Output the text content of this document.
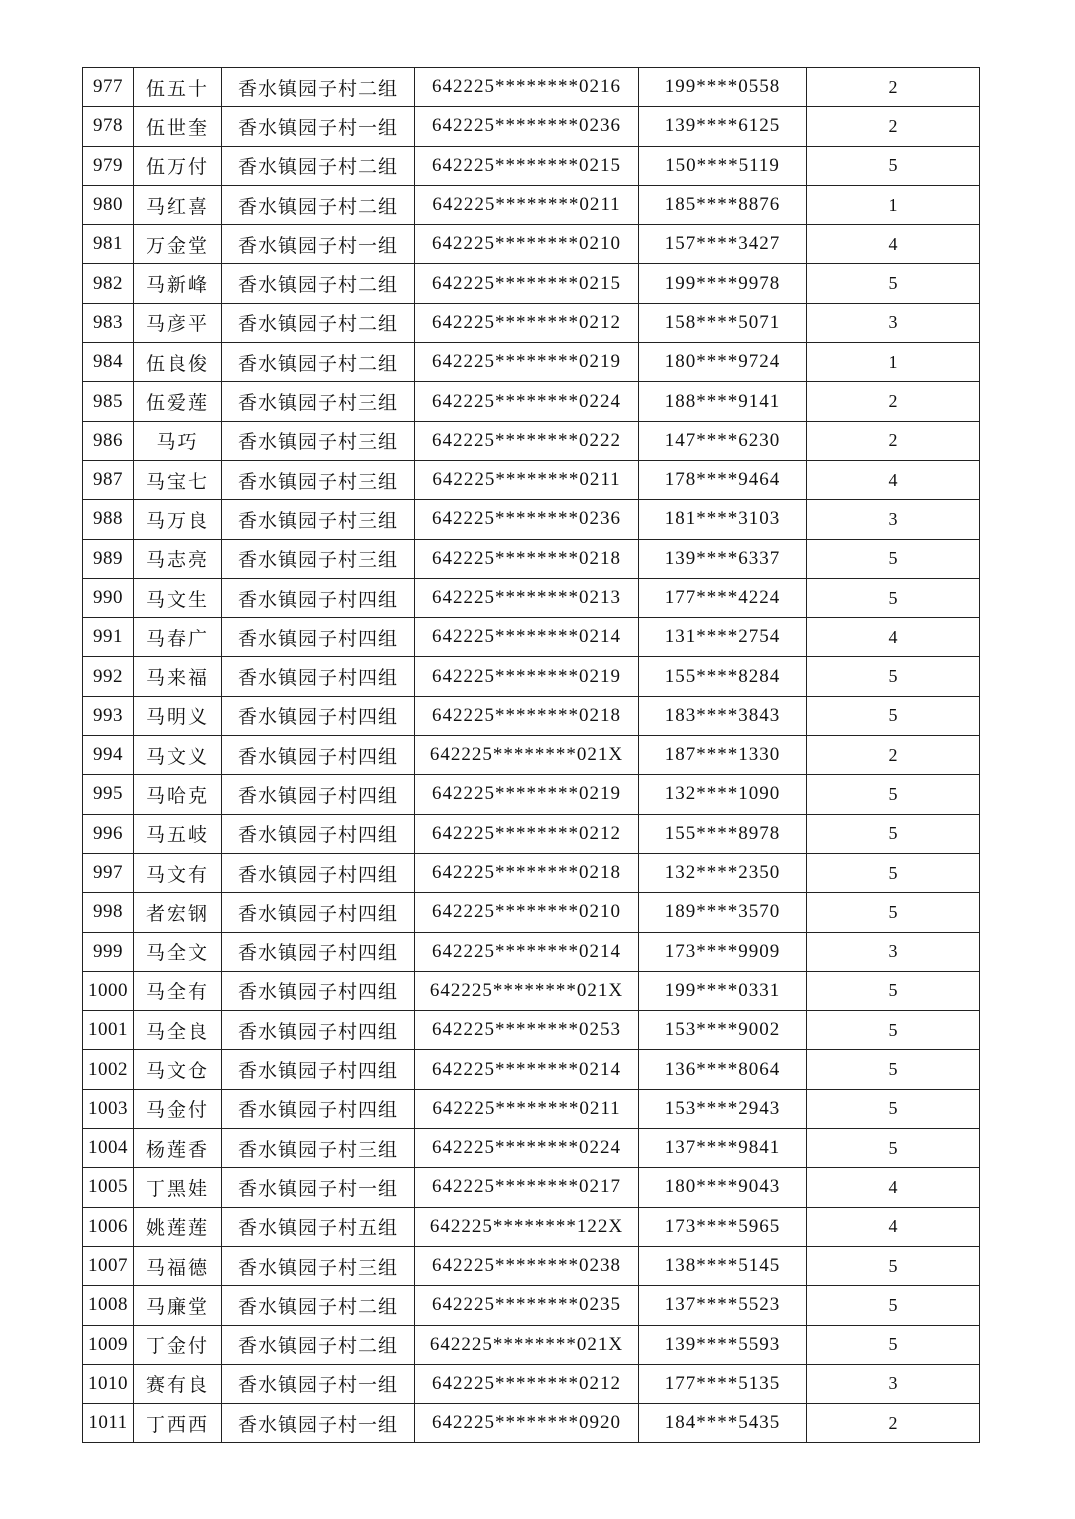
977	伍五十	香水镇园子村二组	642225********0216	199****0558	2
978	伍世奎	香水镇园子村一组	642225********0236	139****6125	2
979	伍万付	香水镇园子村二组	642225********0215	150****5119	5
980	马红喜	香水镇园子村二组	642225********0211	185****8876	1
981	万金堂	香水镇园子村一组	642225********0210	157****3427	4
982	马新峰	香水镇园子村二组	642225********0215	199****9978	5
983	马彦平	香水镇园子村二组	642225********0212	158****5071	3
984	伍良俊	香水镇园子村二组	642225********0219	180****9724	1
985	伍爱莲	香水镇园子村三组	642225********0224	188****9141	2
986	马巧	香水镇园子村三组	642225********0222	147****6230	2
987	马宝七	香水镇园子村三组	642225********0211	178****9464	4
988	马万良	香水镇园子村三组	642225********0236	181****3103	3
989	马志亮	香水镇园子村三组	642225********0218	139****6337	5
990	马文生	香水镇园子村四组	642225********0213	177****4224	5
991	马春广	香水镇园子村四组	642225********0214	131****2754	4
992	马来福	香水镇园子村四组	642225********0219	155****8284	5
993	马明义	香水镇园子村四组	642225********0218	183****3843	5
994	马文义	香水镇园子村四组	642225********021X	187****1330	2
995	马哈克	香水镇园子村四组	642225********0219	132****1090	5
996	马五岐	香水镇园子村四组	642225********0212	155****8978	5
997	马文有	香水镇园子村四组	642225********0218	132****2350	5
998	者宏钢	香水镇园子村四组	642225********0210	189****3570	5
999	马全文	香水镇园子村四组	642225********0214	173****9909	3
1000	马全有	香水镇园子村四组	642225********021X	199****0331	5
1001	马全良	香水镇园子村四组	642225********0253	153****9002	5
1002	马文仓	香水镇园子村四组	642225********0214	136****8064	5
1003	马金付	香水镇园子村四组	642225********0211	153****2943	5
1004	杨莲香	香水镇园子村三组	642225********0224	137****9841	5
1005	丁黑娃	香水镇园子村一组	642225********0217	180****9043	4
1006	姚莲莲	香水镇园子村五组	642225********122X	173****5965	4
1007	马福德	香水镇园子村三组	642225********0238	138****5145	5
1008	马廉堂	香水镇园子村二组	642225********0235	137****5523	5
1009	丁金付	香水镇园子村二组	642225********021X	139****5593	5
1010	赛有良	香水镇园子村一组	642225********0212	177****5135	3
1011	丁西西	香水镇园子村一组	642225********0920	184****5435	2
